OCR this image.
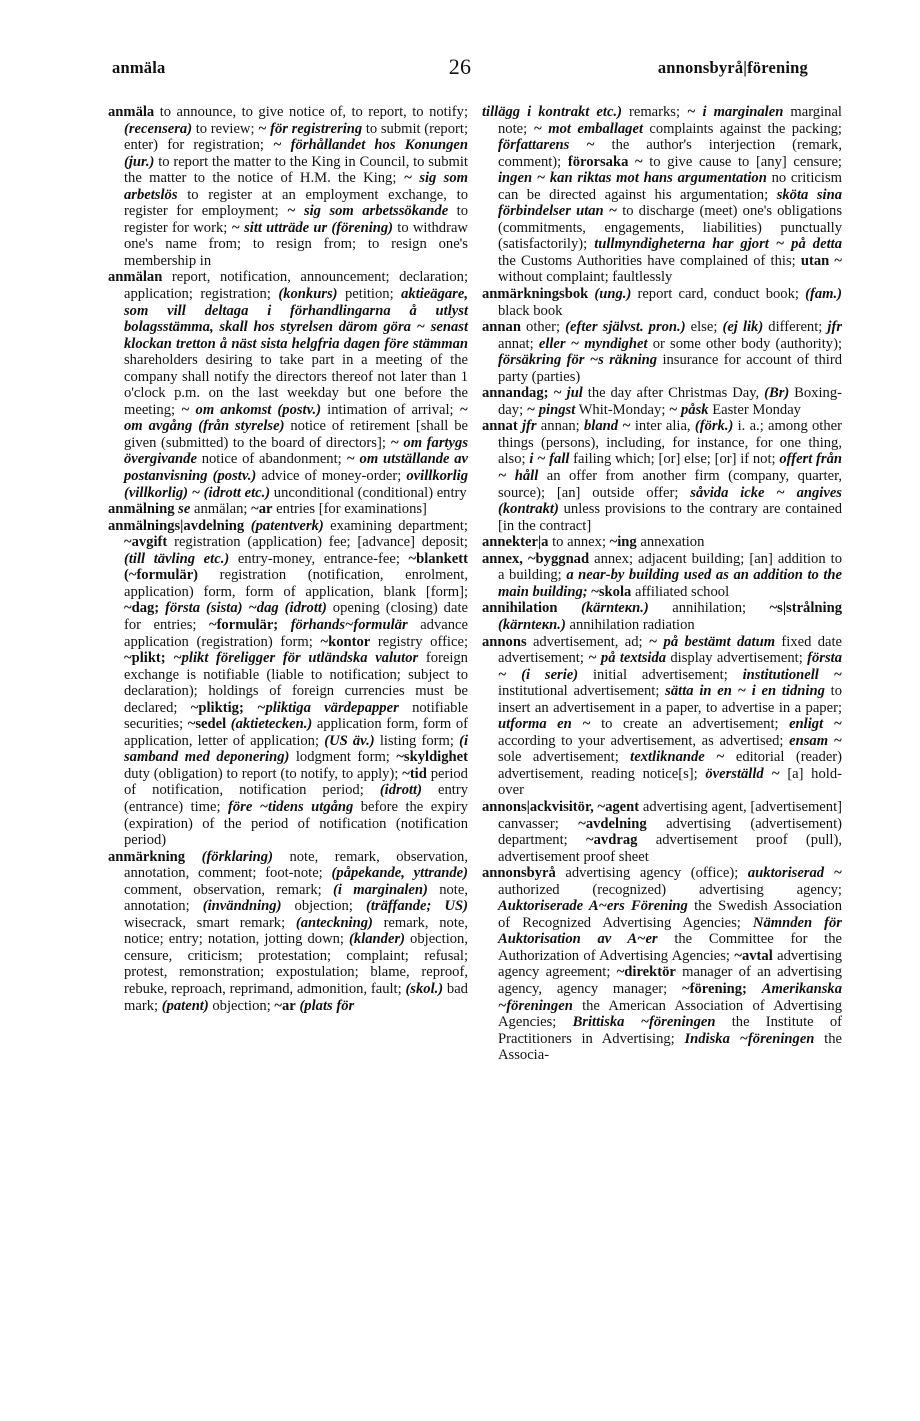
anmäla	26	annonsbyrå|förening

anmäla to announce, to give notice of, to report, to notify; (recensera) to review; ~ för registrering to submit (report; enter) for registration; ~ förhållandet hos Konungen (jur.) to report the matter to the King in Council, to submit the matter to the notice of H.M. the King; ~ sig som arbetslös to register at an employment exchange, to register for employment; ~ sig som arbetssökande to register for work; ~ sitt utträde ur (förening) to withdraw one's name from; to resign from; to resign one's membership in

anmälan report, notification, announcement; declaration; application; registration; (konkurs) petition; aktieägare, som vill deltaga i förhandlingarna å utlyst bolagsstämma, skall hos styrelsen därom göra ~ senast klockan tretton å näst sista helgfria dagen före stämman shareholders desiring to take part in a meeting of the company shall notify the directors thereof not later than 1 o'clock p.m. on the last weekday but one before the meeting; ~ om ankomst (postv.) intimation of arrival; ~ om avgång (från styrelse) notice of retirement [shall be given (submitted) to the board of directors]; ~ om fartygs övergivande notice of abandonment; ~ om utställande av postanvisning (postv.) advice of money-order; ovillkorlig (villkorlig) ~ (idrott etc.) unconditional (conditional) entry

anmälning se anmälan; ~ar entries [for examinations]

anmälnings|avdelning (patentverk) examining department; ~avgift registration (application) fee; [advance] deposit; (till tävling etc.) entry-money, entrance-fee; ~blankett (~formulär) registration (notification, enrolment, application) form, form of application, blank [form]; ~dag; första (sista) ~dag (idrott) opening (closing) date for entries; ~formulär; förhands~formulär advance application (registration) form; ~kontor registry office; ~plikt; ~plikt föreligger för utländska valutor foreign exchange is notifiable (liable to notification; subject to declaration); holdings of foreign currencies must be declared; ~pliktig; ~pliktiga värdepapper notifiable securities; ~sedel (aktietecken.) application form, form of application, letter of application; (US äv.) listing form; (i samband med deponering) lodgment form; ~skyldighet duty (obligation) to report (to notify, to apply); ~tid period of notification, notification period; (idrott) entry (entrance) time; före ~tidens utgång before the expiry (expiration) of the period of notification (notification period)

anmärkning (förklaring) note, remark, observation, annotation, comment; foot-note; (påpekande, yttrande) comment, observation, remark; (i marginalen) note, annotation; (invändning) objection; (träffande; US) wisecrack, smart remark; (anteckning) remark, note, notice; entry; notation, jotting down; (klander) objection, censure, criticism; protestation; complaint; refusal; protest, remonstration; expostulation; blame, reproof, rebuke, reproach, reprimand, admonition, fault; (skol.) bad mark; (patent) objection; ~ar (plats för

tillägg i kontrakt etc.) remarks; ~ i marginalen marginal note; ~ mot emballaget complaints against the packing; författarens ~ the author's interjection (remark, comment); förorsaka ~ to give cause to [any] censure; ingen ~ kan riktas mot hans argumentation no criticism can be directed against his argumentation; sköta sina förbindelser utan ~ to discharge (meet) one's obligations (commitments, engagements, liabilities) punctually (satisfactorily); tullmyndigheterna har gjort ~ på detta the Customs Authorities have complained of this; utan ~ without complaint; faultlessly

anmärkningsbok (ung.) report card, conduct book; (fam.) black book

annan other; (efter självst. pron.) else; (ej lik) different; jfr annat; eller ~ myndighet or some other body (authority); försäkring för ~s räkning insurance for account of third party (parties)

annandag; ~ jul the day after Christmas Day, (Br) Boxing-day; ~ pingst Whit-Monday; ~ påsk Easter Monday

annat jfr annan; bland ~ inter alia, (förk.) i. a.; among other things (persons), including, for instance, for one thing, also; i ~ fall failing which; [or] else; [or] if not; offert från ~ håll an offer from another firm (company, quarter, source); [an] outside offer; såvida icke ~ angives (kontrakt) unless provisions to the contrary are contained [in the contract]

annekter|a to annex; ~ing annexation

annex, ~byggnad annex; adjacent building; [an] addition to a building; a near-by building used as an addition to the main building; ~skola affiliated school

annihilation (kärnteкn.) annihilation; ~s|strålning (kärnteкn.) annihilation radiation

annons advertisement, ad; ~ på bestämt datum fixed date advertisement; ~ på textsida display advertisement; första ~ (i serie) initial advertisement; institutionell ~ institutional advertisement; sätta in en ~ i en tidning to insert an advertisement in a paper, to advertise in a paper; utforma en ~ to create an advertisement; enligt ~ according to your advertisement, as advertised; ensam ~ sole advertisement; textliknande ~ editorial (reader) advertisement, reading notice[s]; överställd ~ [a] hold-over

annons|ackvisitör, ~agent advertising agent, [advertisement] canvasser; ~avdelning advertising (advertisement) department; ~avdrag advertisement proof (pull), advertisement proof sheet

annonsbyrå advertising agency (office); auktoriserad ~ authorized (recognized) advertising agency; Auktoriserade A~ers Förening the Swedish Association of Recognized Advertising Agencies; Nämnden för Auktorisation av A~er the Committee for the Authorization of Advertising Agencies; ~avtal advertising agency agreement; ~direktör manager of an advertising agency, agency manager; ~förening; Amerikanska ~föreningen the American Association of Advertising Agencies; Brittiska ~föreningen the Institute of Practitioners in Advertising; Indiska ~föreningen the Associa-
